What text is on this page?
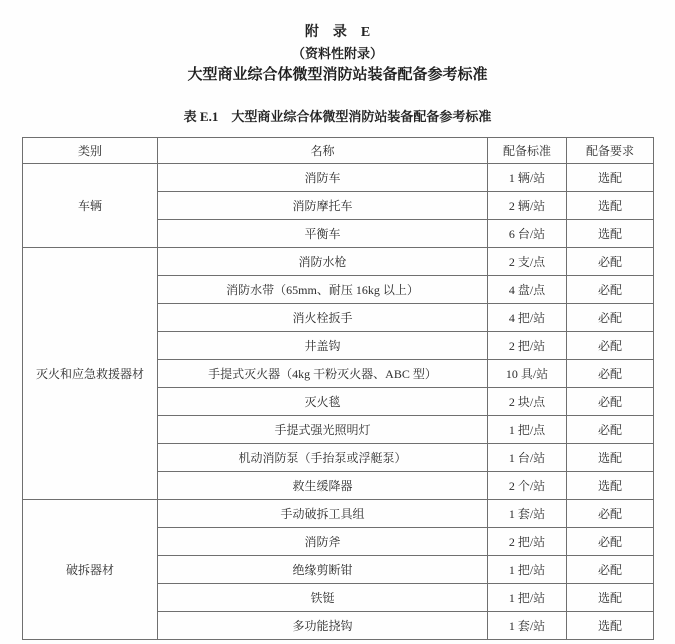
附　录　E
（资料性附录）
大型商业综合体微型消防站装备配备参考标准
表 E.1　大型商业综合体微型消防站装备配备参考标准
类别	名称	配备标准	配备要求
车辆	消防车	1 辆/站	选配
	消防摩托车	2 辆/站	选配
	平衡车	6 台/站	选配
灭火和应急救援器材	消防水枪	2 支/点	必配
	消防水带（65mm、耐压 16kg 以上）	4 盘/点	必配
	消火栓扳手	4 把/站	必配
	井盖钩	2 把/站	必配
	手提式灭火器（4kg 干粉灭火器、ABC 型）	10 具/站	必配
	灭火毯	2 块/点	必配
	手提式强光照明灯	1 把/点	必配
	机动消防泵（手抬泵或浮艇泵）	1 台/站	选配
	救生缓降器	2 个/站	选配
破拆器材	手动破拆工具组	1 套/站	必配
	消防斧	2 把/站	必配
	绝缘剪断钳	1 把/站	必配
	铁铤	1 把/站	选配
	多功能挠钩	1 套/站	选配
